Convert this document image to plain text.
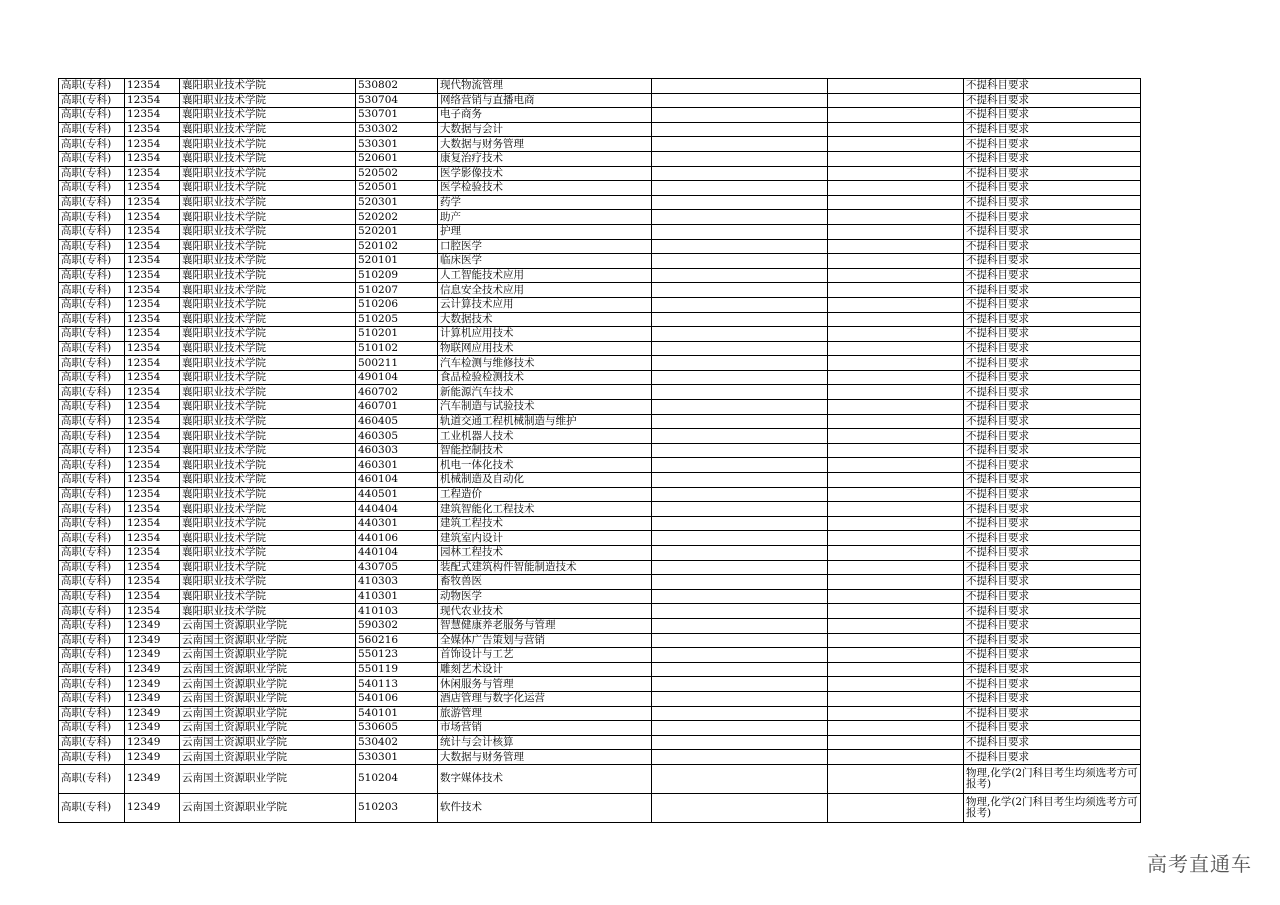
高职(专科)	12354	襄阳职业技术学院	530802	现代物流管理			不提科目要求
高职(专科)	12354	襄阳职业技术学院	530704	网络营销与直播电商			不提科目要求
高职(专科)	12354	襄阳职业技术学院	530701	电子商务			不提科目要求
高职(专科)	12354	襄阳职业技术学院	530302	大数据与会计			不提科目要求
高职(专科)	12354	襄阳职业技术学院	530301	大数据与财务管理			不提科目要求
高职(专科)	12354	襄阳职业技术学院	520601	康复治疗技术			不提科目要求
高职(专科)	12354	襄阳职业技术学院	520502	医学影像技术			不提科目要求
高职(专科)	12354	襄阳职业技术学院	520501	医学检验技术			不提科目要求
高职(专科)	12354	襄阳职业技术学院	520301	药学			不提科目要求
高职(专科)	12354	襄阳职业技术学院	520202	助产			不提科目要求
高职(专科)	12354	襄阳职业技术学院	520201	护理			不提科目要求
高职(专科)	12354	襄阳职业技术学院	520102	口腔医学			不提科目要求
高职(专科)	12354	襄阳职业技术学院	520101	临床医学			不提科目要求
高职(专科)	12354	襄阳职业技术学院	510209	人工智能技术应用			不提科目要求
高职(专科)	12354	襄阳职业技术学院	510207	信息安全技术应用			不提科目要求
高职(专科)	12354	襄阳职业技术学院	510206	云计算技术应用			不提科目要求
高职(专科)	12354	襄阳职业技术学院	510205	大数据技术			不提科目要求
高职(专科)	12354	襄阳职业技术学院	510201	计算机应用技术			不提科目要求
高职(专科)	12354	襄阳职业技术学院	510102	物联网应用技术			不提科目要求
高职(专科)	12354	襄阳职业技术学院	500211	汽车检测与维修技术			不提科目要求
高职(专科)	12354	襄阳职业技术学院	490104	食品检验检测技术			不提科目要求
高职(专科)	12354	襄阳职业技术学院	460702	新能源汽车技术			不提科目要求
高职(专科)	12354	襄阳职业技术学院	460701	汽车制造与试验技术			不提科目要求
高职(专科)	12354	襄阳职业技术学院	460405	轨道交通工程机械制造与维护			不提科目要求
高职(专科)	12354	襄阳职业技术学院	460305	工业机器人技术			不提科目要求
高职(专科)	12354	襄阳职业技术学院	460303	智能控制技术			不提科目要求
高职(专科)	12354	襄阳职业技术学院	460301	机电一体化技术			不提科目要求
高职(专科)	12354	襄阳职业技术学院	460104	机械制造及自动化			不提科目要求
高职(专科)	12354	襄阳职业技术学院	440501	工程造价			不提科目要求
高职(专科)	12354	襄阳职业技术学院	440404	建筑智能化工程技术			不提科目要求
高职(专科)	12354	襄阳职业技术学院	440301	建筑工程技术			不提科目要求
高职(专科)	12354	襄阳职业技术学院	440106	建筑室内设计			不提科目要求
高职(专科)	12354	襄阳职业技术学院	440104	园林工程技术			不提科目要求
高职(专科)	12354	襄阳职业技术学院	430705	装配式建筑构件智能制造技术			不提科目要求
高职(专科)	12354	襄阳职业技术学院	410303	畜牧兽医			不提科目要求
高职(专科)	12354	襄阳职业技术学院	410301	动物医学			不提科目要求
高职(专科)	12354	襄阳职业技术学院	410103	现代农业技术			不提科目要求
高职(专科)	12349	云南国土资源职业学院	590302	智慧健康养老服务与管理			不提科目要求
高职(专科)	12349	云南国土资源职业学院	560216	全媒体广告策划与营销			不提科目要求
高职(专科)	12349	云南国土资源职业学院	550123	首饰设计与工艺			不提科目要求
高职(专科)	12349	云南国土资源职业学院	550119	雕刻艺术设计			不提科目要求
高职(专科)	12349	云南国土资源职业学院	540113	休闲服务与管理			不提科目要求
高职(专科)	12349	云南国土资源职业学院	540106	酒店管理与数字化运营			不提科目要求
高职(专科)	12349	云南国土资源职业学院	540101	旅游管理			不提科目要求
高职(专科)	12349	云南国土资源职业学院	530605	市场营销			不提科目要求
高职(专科)	12349	云南国土资源职业学院	530402	统计与会计核算			不提科目要求
高职(专科)	12349	云南国土资源职业学院	530301	大数据与财务管理			不提科目要求
高职(专科)	12349	云南国土资源职业学院	510204	数字媒体技术			物理,化学(2门科目考生均须选考方可报考)
高职(专科)	12349	云南国土资源职业学院	510203	软件技术			物理,化学(2门科目考生均须选考方可报考)
高考直通车
